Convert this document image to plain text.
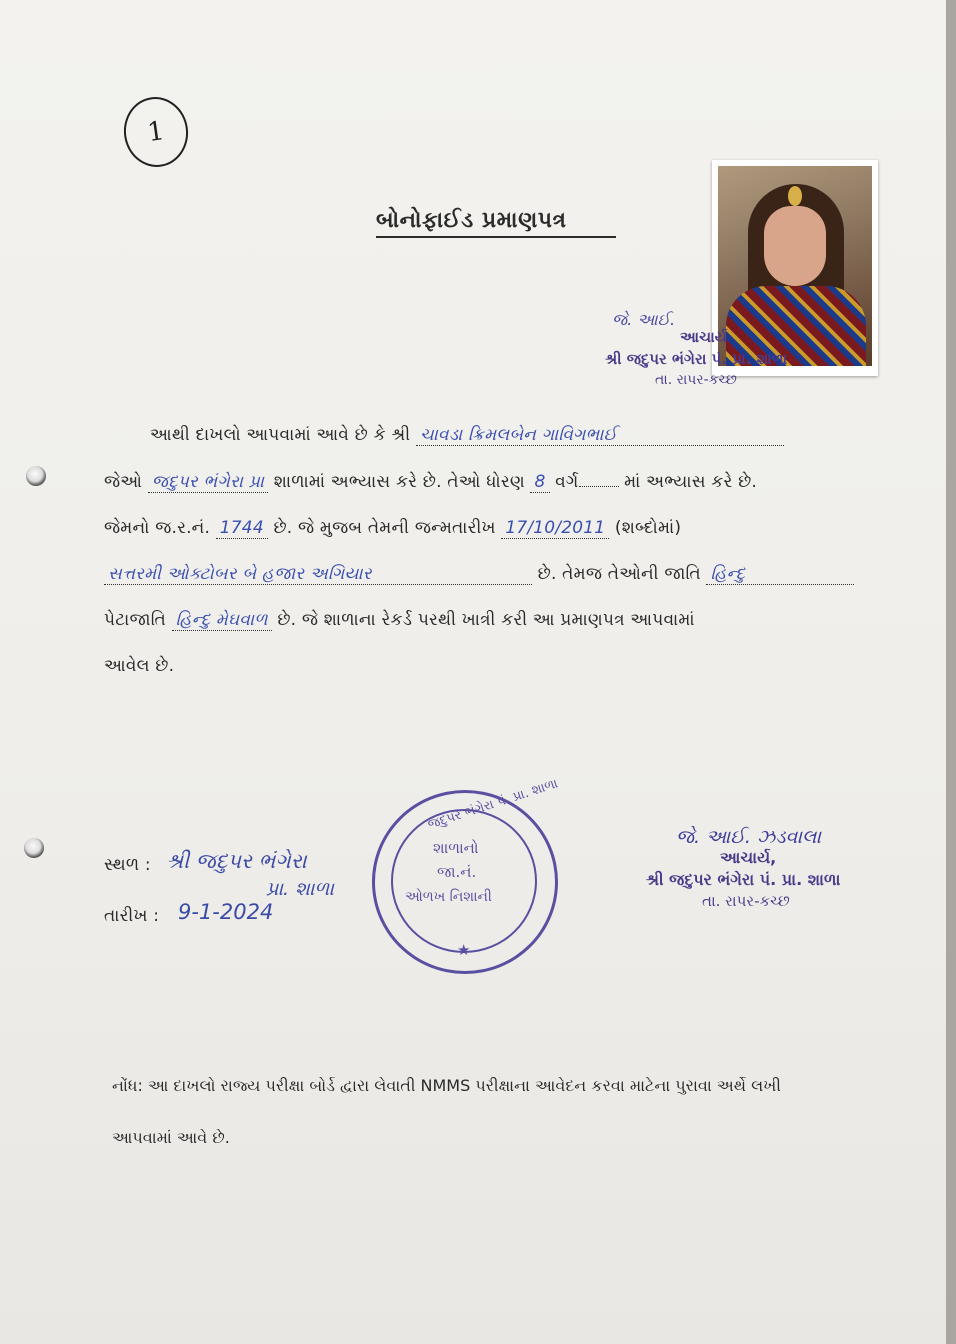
1
બોનોફાઈડ પ્રમાણપત્ર
જે. આઈ.
આચાર્ય
શ્રી જદુપર ભંગેરા પં. પ્રા. શાળા
તા. રાપર-કચ્છ
આથી દાખલો આપવામાં આવે છે કે શ્રી ચાવડા ક્રિમલબેન ગાવિગભાઈ
જેઓ જદુપર ભંગેરા પ્રા શાળામાં અભ્યાસ કરે છે. તેઓ ધોરણ 8 વર્ગ	માં અભ્યાસ કરે છે.
જેમનો જ.ર.નં. 1744 છે. જે મુજબ તેમની જન્મતારીખ 17/10/2011 (શબ્દોમાં)
સત્તરમી ઓક્ટોબર બે હજાર અગિયાર	છે. તેમજ તેઓની જાતિ હિન્દુ
પેટાજાતિ હિન્દુ મેઘવાળ છે. જે શાળાના રેકર્ડ પરથી ખાત્રી કરી આ પ્રમાણપત્ર આપવામાં
આવેલ છે.
સ્થળ : શ્રી જદુપર ભંગેરા
પ્રા. શાળા
તારીખ : 9-1-2024
જદુપર ભંગેરા પં. પ્રા. શાળા
શાળાનો
જા.નં.
ઓળખ નિશાની
★
જે. આઈ. ઝડવાલા
આચાર્ય,
શ્રી જદુપર ભંગેરા પં. પ્રા. શાળા
તા. રાપર-કચ્છ
નોંધ: આ દાખલો રાજ્ય પરીક્ષા બોર્ડ દ્વારા લેવાતી NMMS પરીક્ષાના આવેદન કરવા માટેના પુરાવા અર્થે લખી
આપવામાં આવે છે.
